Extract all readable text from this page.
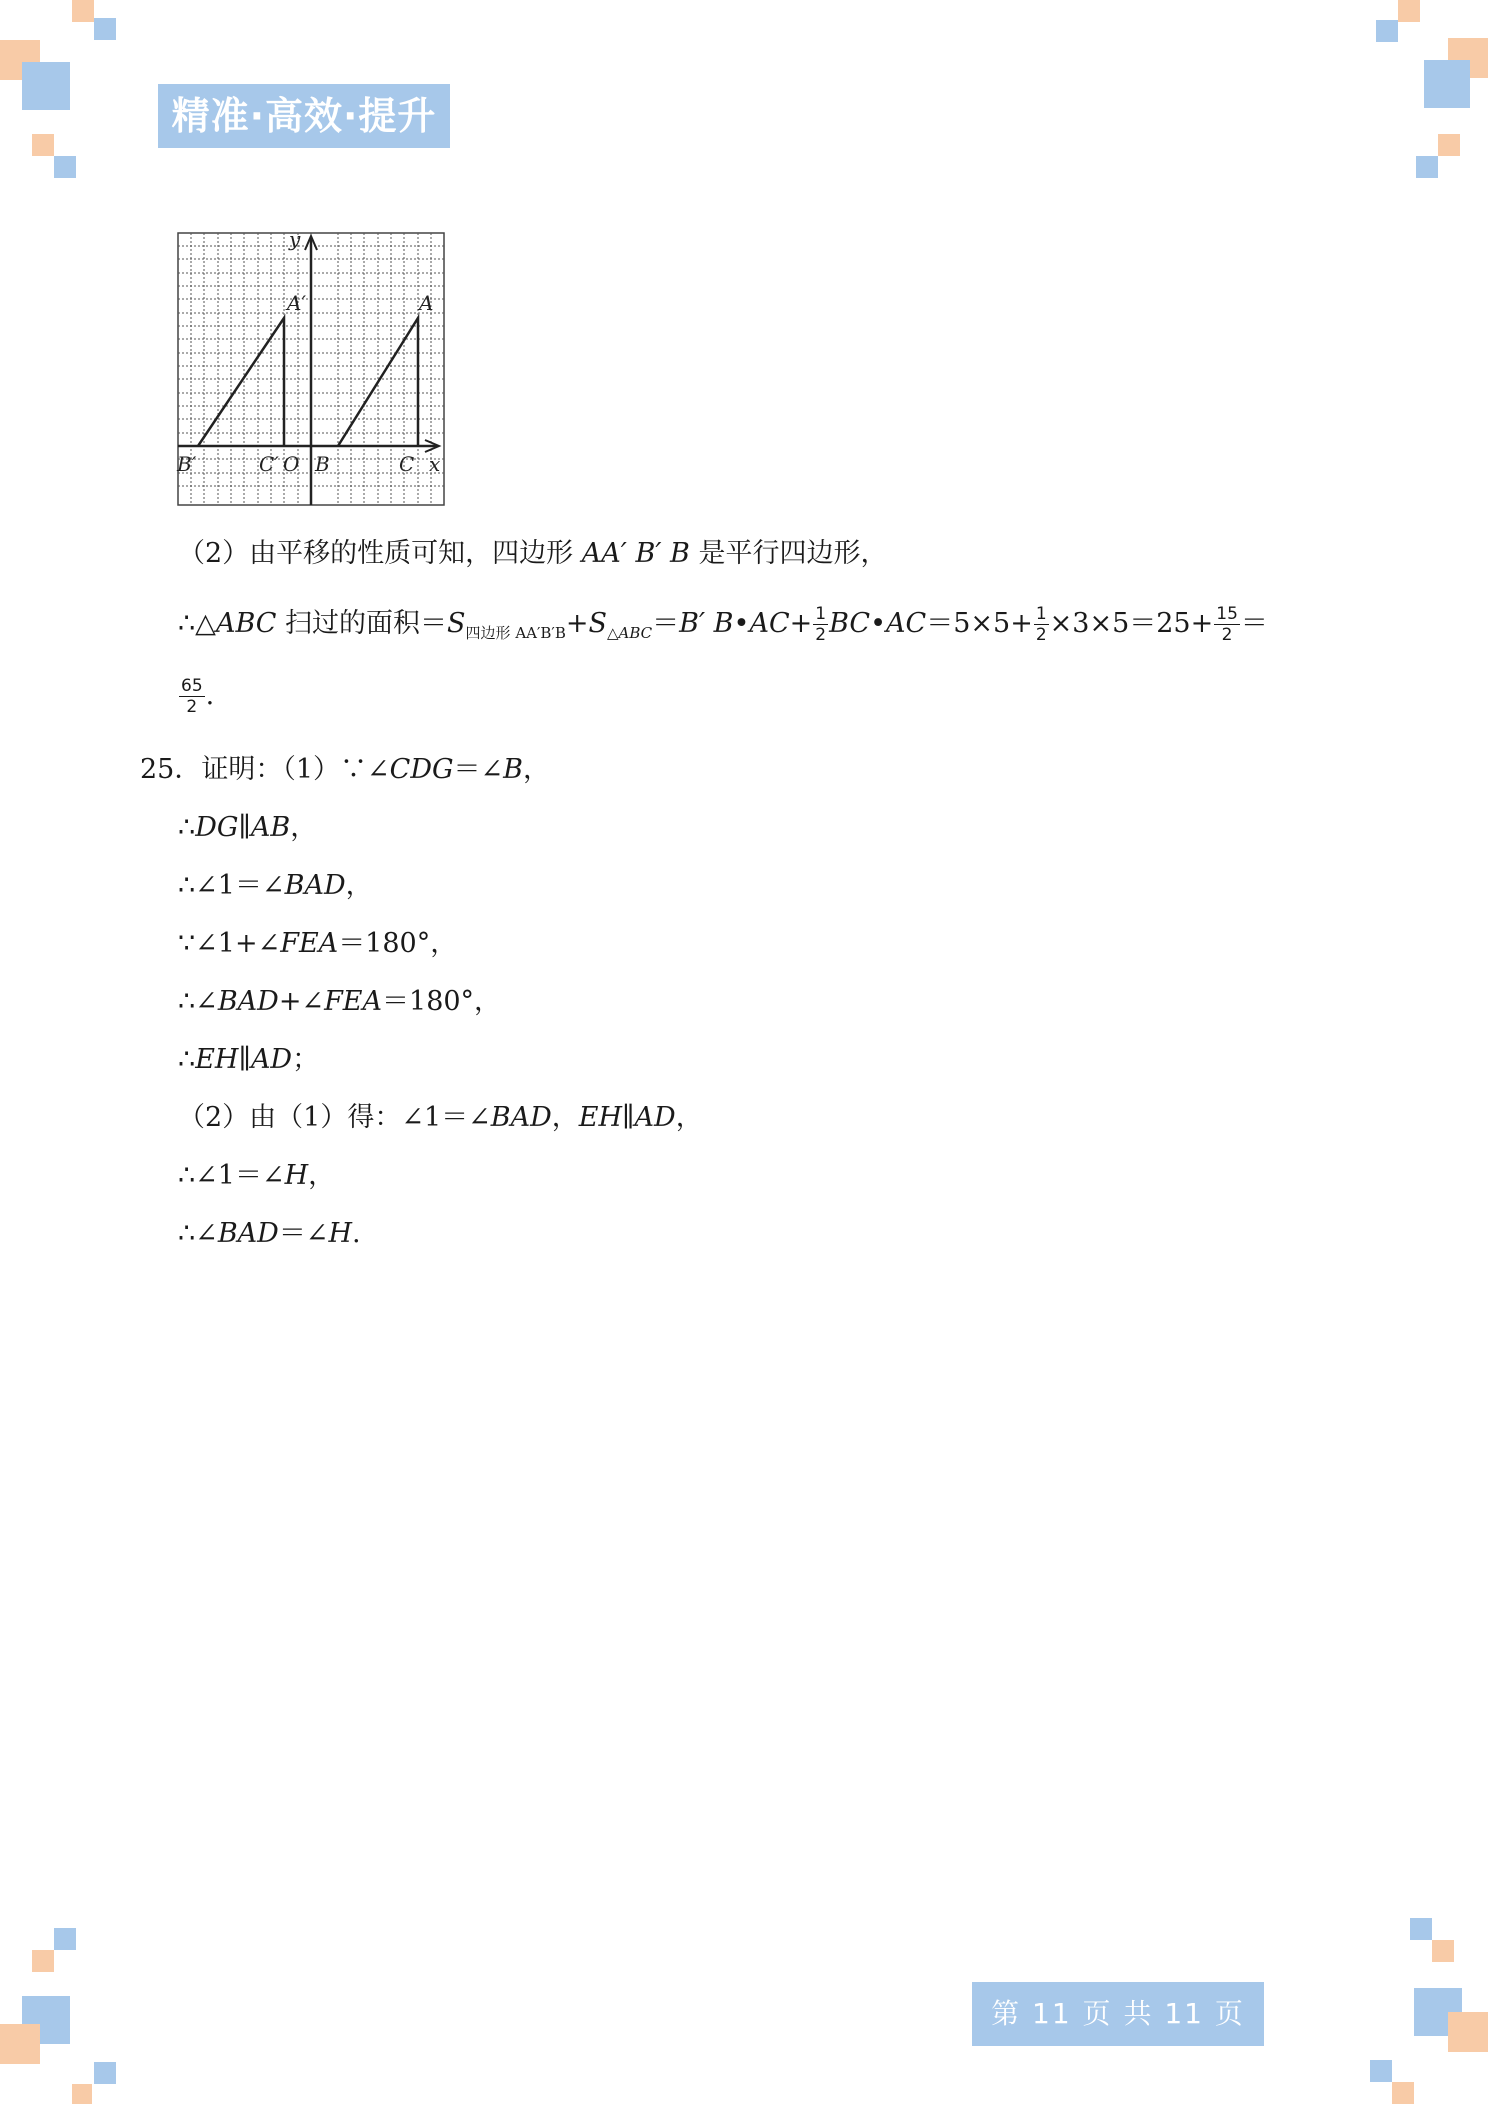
精准·高效·提升
y
x
A′	A
B′	C′ O B	C
（2）由平移的性质可知，四边形 AA′ B′ B 是平行四边形，
∴△ABC 扫过的面积$=S_{四边形 AA'B'B}+S_{\triangle ABC}=B'$ B•AC+ $\frac{1}{2}$ BC•AC＝5×5+ $\frac{1}{2} \times 3\times 5=25+ \frac{15}{2}$ ＝
$\frac{65}{2}$ .
25．证明：（1）∵∠CDG＝∠B，
∴DG∥AB，
∴∠1＝∠BAD，
∵∠1+∠FEA＝180°，
∴∠BAD+∠FEA＝180°，
∴EH∥AD；
（2）由（1）得：∠1＝∠BAD，EH∥AD，
∴∠1＝∠H，
∴∠BAD＝∠H.
第 11 页 共 11 页
